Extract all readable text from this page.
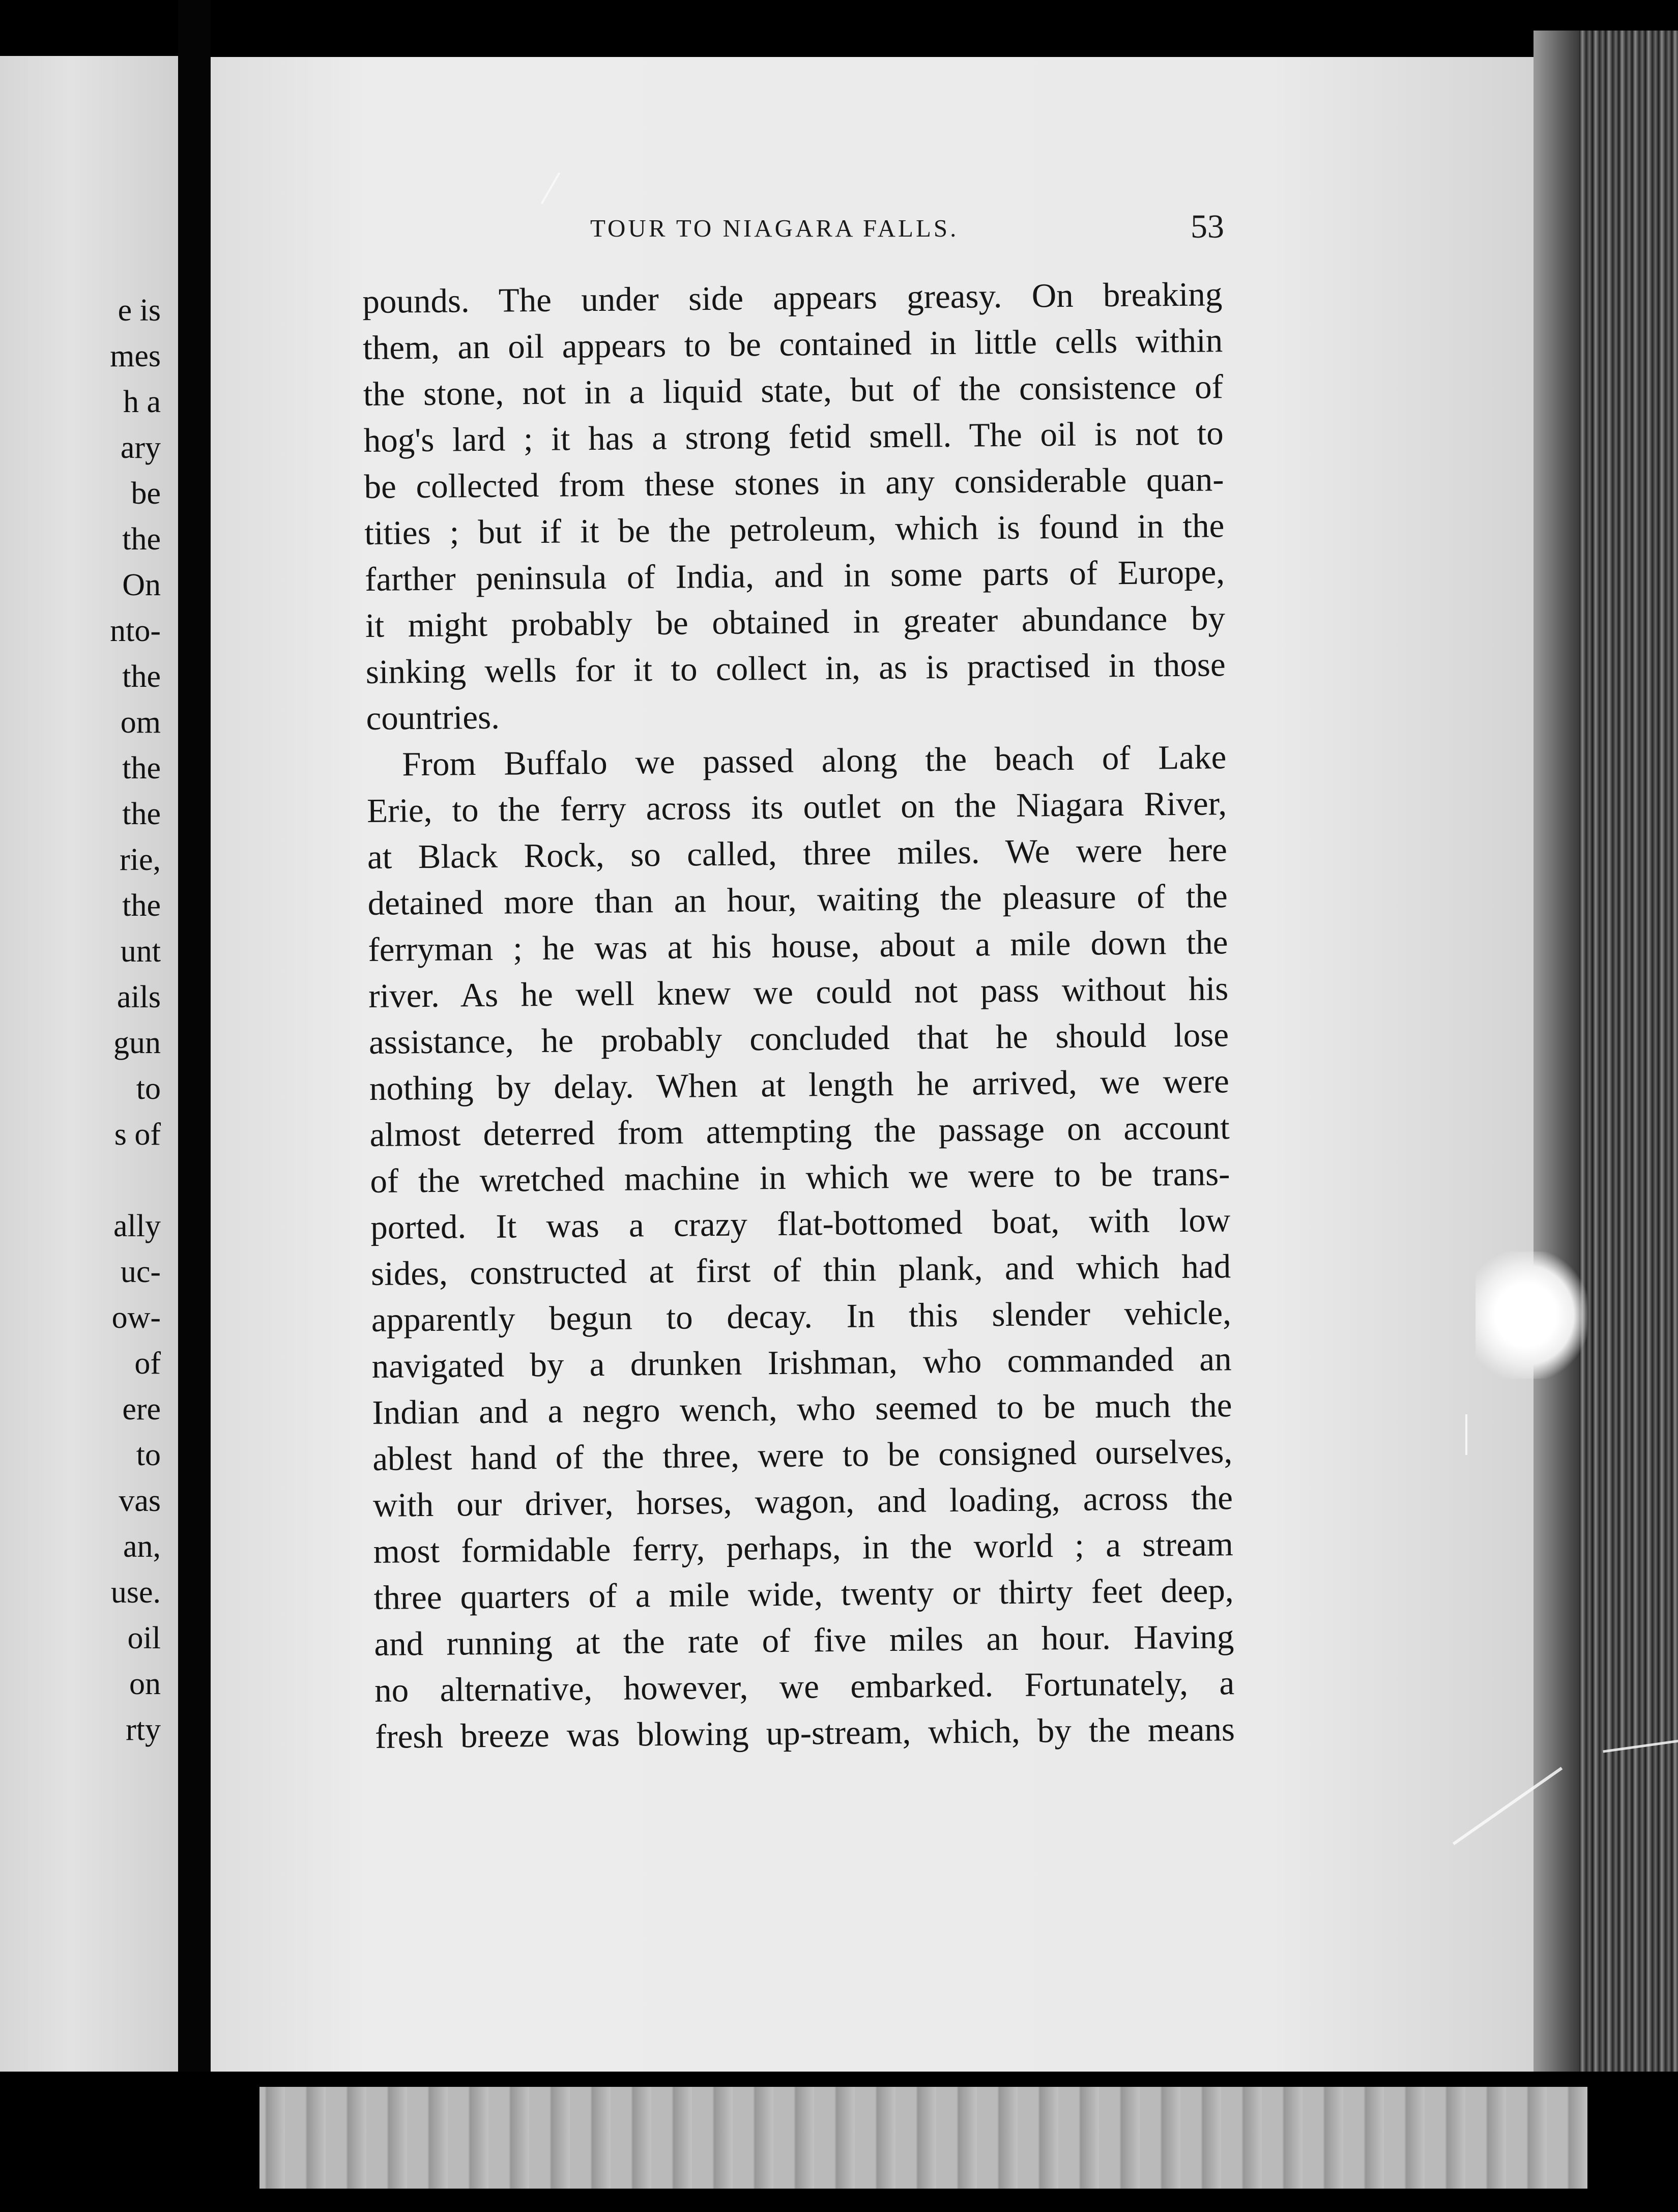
e is

mes

h a

ary

be

the

On

nto-

the

om

the

the

rie,

the

unt

ails

gun

to

s of

ally

uc-

ow-

of

ere

to

vas

an,

use.

oil

on

rty

TOUR TO NIAGARA FALLS.	53

pounds. The under side appears greasy. On breaking

them, an oil appears to be contained in little cells within

the stone, not in a liquid state, but of the consistence of

hog's lard ; it has a strong fetid smell. The oil is not to

be collected from these stones in any considerable quan-

tities ; but if it be the petroleum, which is found in the

farther peninsula of India, and in some parts of Europe,

it might probably be obtained in greater abundance by

sinking wells for it to collect in, as is practised in those

countries.

From Buffalo we passed along the beach of Lake

Erie, to the ferry across its outlet on the Niagara River,

at Black Rock, so called, three miles. We were here

detained more than an hour, waiting the pleasure of the

ferryman ; he was at his house, about a mile down the

river. As he well knew we could not pass without his

assistance, he probably concluded that he should lose

nothing by delay. When at length he arrived, we were

almost deterred from attempting the passage on account

of the wretched machine in which we were to be trans-

ported. It was a crazy flat-bottomed boat, with low

sides, constructed at first of thin plank, and which had

apparently begun to decay. In this slender vehicle,

navigated by a drunken Irishman, who commanded an

Indian and a negro wench, who seemed to be much the

ablest hand of the three, were to be consigned ourselves,

with our driver, horses, wagon, and loading, across the

most formidable ferry, perhaps, in the world ; a stream

three quarters of a mile wide, twenty or thirty feet deep,

and running at the rate of five miles an hour. Having

no alternative, however, we embarked. Fortunately, a

fresh breeze was blowing up-stream, which, by the means
